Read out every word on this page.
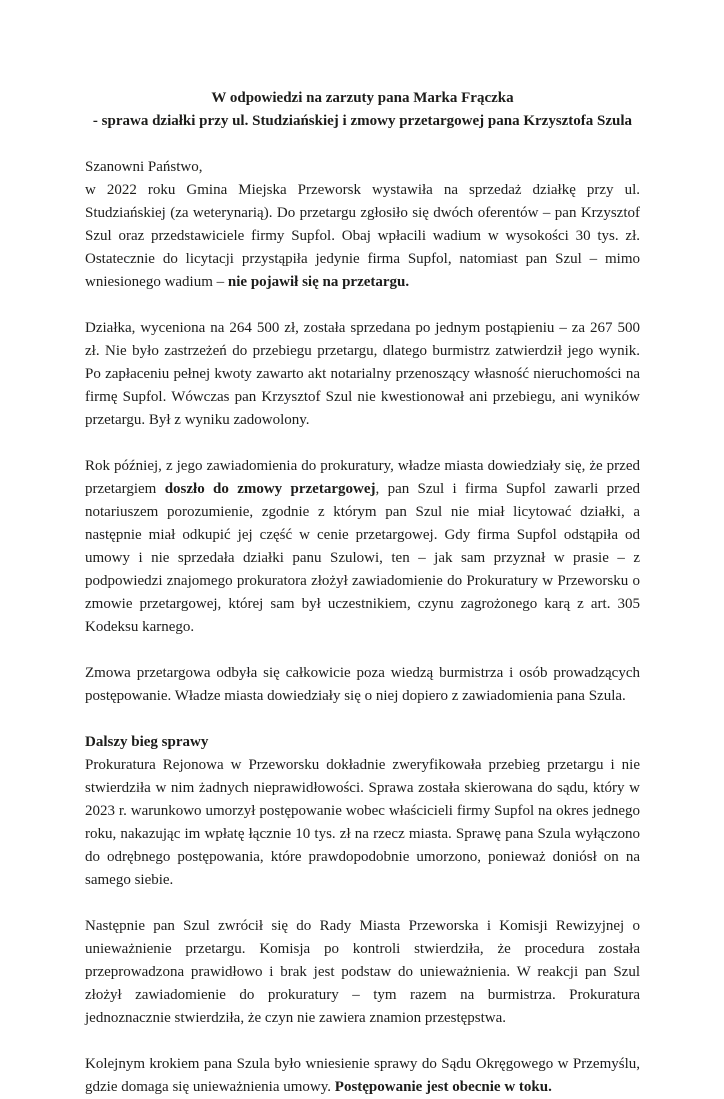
W odpowiedzi na zarzuty pana Marka Frączka
- sprawa działki przy ul. Studziańskiej i zmowy przetargowej pana Krzysztofa Szula

Szanowni Państwo,
w 2022 roku Gmina Miejska Przeworsk wystawiła na sprzedaż działkę przy ul. Studziańskiej (za weterynarią). Do przetargu zgłosiło się dwóch oferentów – pan Krzysztof Szul oraz przedstawiciele firmy Supfol. Obaj wpłacili wadium w wysokości 30 tys. zł. Ostatecznie do licytacji przystąpiła jedynie firma Supfol, natomiast pan Szul – mimo wniesionego wadium – nie pojawił się na przetargu.

Działka, wyceniona na 264 500 zł, została sprzedana po jednym postąpieniu – za 267 500 zł. Nie było zastrzeżeń do przebiegu przetargu, dlatego burmistrz zatwierdził jego wynik. Po zapłaceniu pełnej kwoty zawarto akt notarialny przenoszący własność nieruchomości na firmę Supfol. Wówczas pan Krzysztof Szul nie kwestionował ani przebiegu, ani wyników przetargu. Był z wyniku zadowolony.

Rok później, z jego zawiadomienia do prokuratury, władze miasta dowiedziały się, że przed przetargiem doszło do zmowy przetargowej, pan Szul i firma Supfol zawarli przed notariuszem porozumienie, zgodnie z którym pan Szul nie miał licytować działki, a następnie miał odkupić jej część w cenie przetargowej. Gdy firma Supfol odstąpiła od umowy i nie sprzedała działki panu Szulowi, ten – jak sam przyznał w prasie – z podpowiedzi znajomego prokuratora złożył zawiadomienie do Prokuratury w Przeworsku o zmowie przetargowej, której sam był uczestnikiem, czynu zagrożonego karą z art. 305 Kodeksu karnego.

Zmowa przetargowa odbyła się całkowicie poza wiedzą burmistrza i osób prowadzących postępowanie. Władze miasta dowiedziały się o niej dopiero z zawiadomienia pana Szula.

Dalszy bieg sprawy

Prokuratura Rejonowa w Przeworsku dokładnie zweryfikowała przebieg przetargu i nie stwierdziła w nim żadnych nieprawidłowości. Sprawa została skierowana do sądu, który w 2023 r. warunkowo umorzył postępowanie wobec właścicieli firmy Supfol na okres jednego roku, nakazując im wpłatę łącznie 10 tys. zł na rzecz miasta. Sprawę pana Szula wyłączono do odrębnego postępowania, które prawdopodobnie umorzono, ponieważ doniósł on na samego siebie.

Następnie pan Szul zwrócił się do Rady Miasta Przeworska i Komisji Rewizyjnej o unieważnienie przetargu. Komisja po kontroli stwierdziła, że procedura została przeprowadzona prawidłowo i brak jest podstaw do unieważnienia. W reakcji pan Szul złożył zawiadomienie do prokuratury – tym razem na burmistrza. Prokuratura jednoznacznie stwierdziła, że czyn nie zawiera znamion przestępstwa.

Kolejnym krokiem pana Szula było wniesienie sprawy do Sądu Okręgowego w Przemyślu, gdzie domaga się unieważnienia umowy. Postępowanie jest obecnie w toku.
